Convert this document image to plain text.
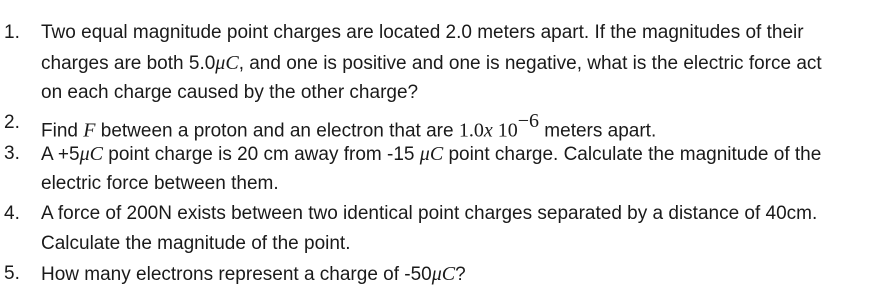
1. Two equal magnitude point charges are located 2.0 meters apart. If the magnitudes of their
charges are both 5.0μC, and one is positive and one is negative, what is the electric force act
on each charge caused by the other charge?
2. Find F between a proton and an electron that are 1.0x $10^{-6}$ meters apart.
3. A +5μC point charge is 20 cm away from -15 μC point charge. Calculate the magnitude of the
electric force between them.
4. A force of 200N exists between two identical point charges separated by a distance of 40cm.
Calculate the magnitude of the point.
5. How many electrons represent a charge of -50μC?
